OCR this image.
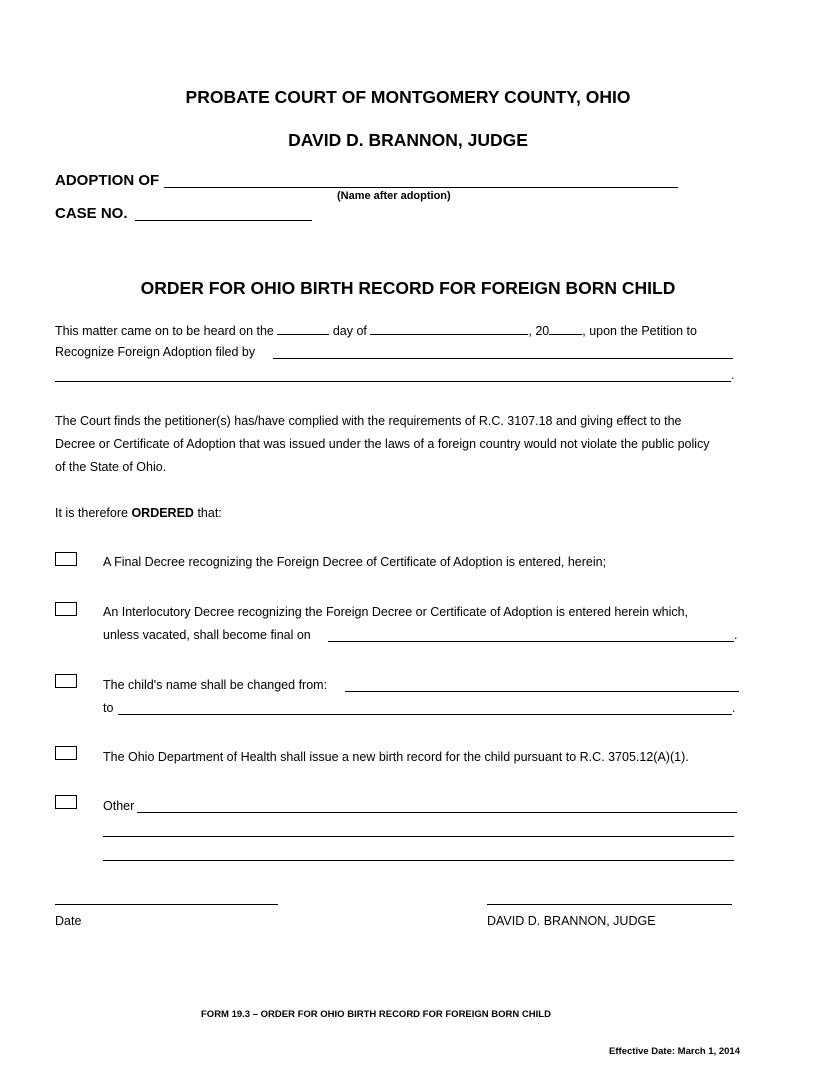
PROBATE COURT OF MONTGOMERY COUNTY, OHIO
DAVID D. BRANNON, JUDGE
ADOPTION OF
(Name after adoption)
CASE NO.
ORDER FOR OHIO BIRTH RECORD FOR FOREIGN BORN CHILD
This matter came on to be heard on the	day of	, 20	, upon the Petition to
Recognize Foreign Adoption filed by
.
The Court finds the petitioner(s) has/have complied with the requirements of R.C. 3107.18 and giving effect to the
Decree or Certificate of Adoption that was issued under the laws of a foreign country would not violate the public policy
of the State of Ohio.
It is therefore ORDERED that:
A Final Decree recognizing the Foreign Decree of Certificate of Adoption is entered, herein;
An Interlocutory Decree recognizing the Foreign Decree or Certificate of Adoption is entered herein which,
unless vacated, shall become final on	.
The child's name shall be changed from:
to	.
The Ohio Department of Health shall issue a new birth record for the child pursuant to R.C. 3705.12(A)(1).
Other
Date	DAVID D. BRANNON, JUDGE
FORM 19.3 – ORDER FOR OHIO BIRTH RECORD FOR FOREIGN BORN CHILD
Effective Date: March 1, 2014
